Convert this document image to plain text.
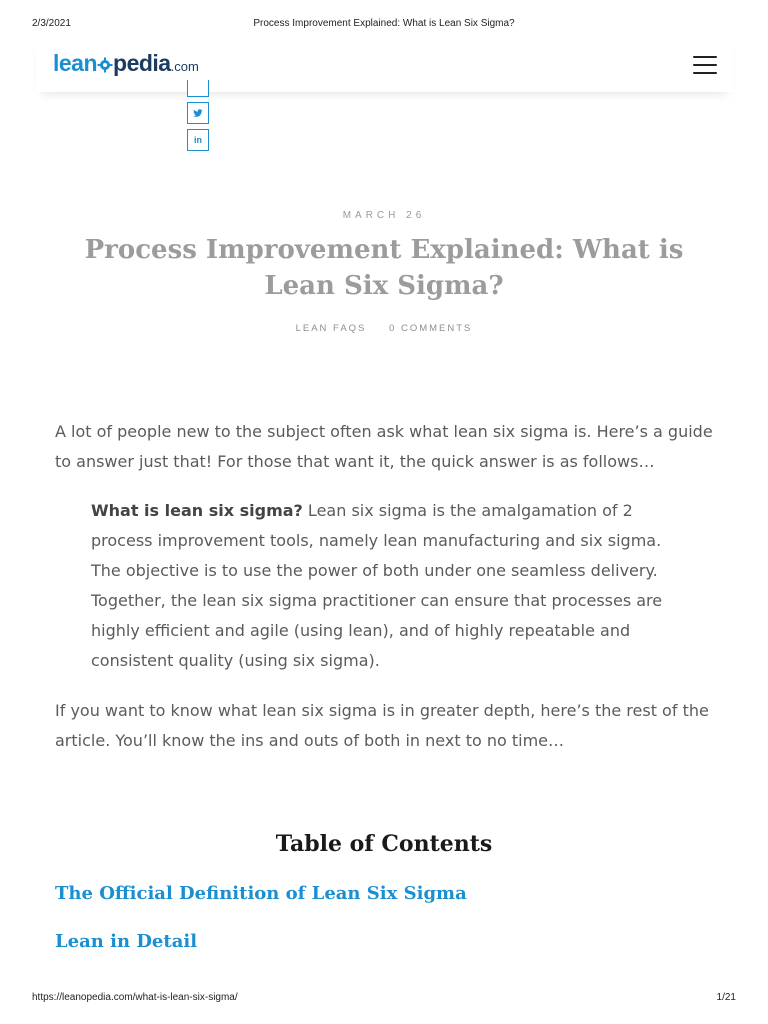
2/3/2021	Process Improvement Explained: What is Lean Six Sigma?
lean pedia .com
in
MARCH 26
Process Improvement Explained: What is Lean Six Sigma?
LEAN FAQS 0 COMMENTS

A lot of people new to the subject often ask what lean six sigma is. Here’s a guide to answer just that! For those that want it, the quick answer is as follows…

What is lean six sigma? Lean six sigma is the amalgamation of 2 process improvement tools, namely lean manufacturing and six sigma. The objective is to use the power of both under one seamless delivery. Together, the lean six sigma practitioner can ensure that processes are highly efficient and agile (using lean), and of highly repeatable and consistent quality (using six sigma).

If you want to know what lean six sigma is in greater depth, here’s the rest of the article. You’ll know the ins and outs of both in next to no time…

Table of Contents
The Official Definition of Lean Six Sigma
Lean in Detail
https://leanopedia.com/what-is-lean-six-sigma/	1/21
